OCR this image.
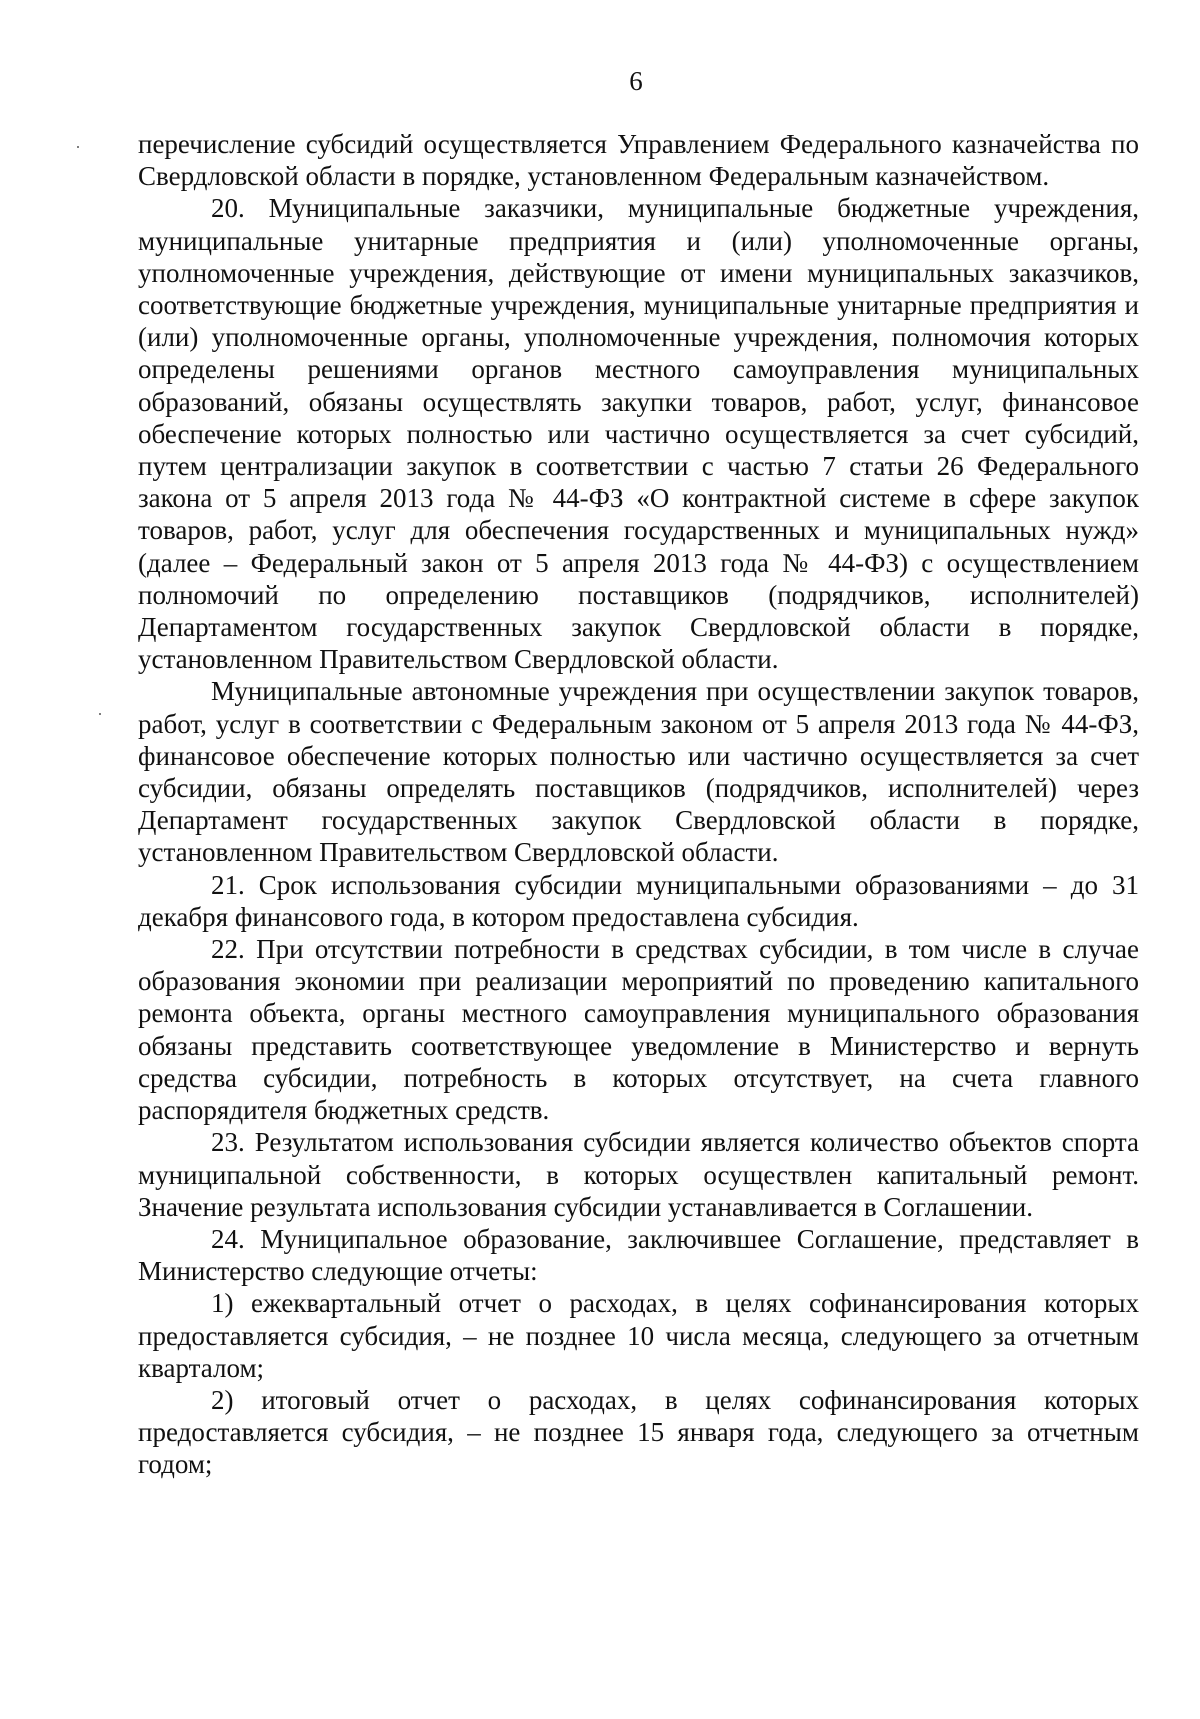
6

перечисление субсидий осуществляется Управлением Федерального казначейства по Свердловской области в порядке, установленном Федеральным казначейством.

20. Муниципальные заказчики, муниципальные бюджетные учреждения, муниципальные унитарные предприятия и (или) уполномоченные органы, уполномоченные учреждения, действующие от имени муниципальных заказчиков, соответствующие бюджетные учреждения, муниципальные унитарные предприятия и (или) уполномоченные органы, уполномоченные учреждения, полномочия которых определены решениями органов местного самоуправления муниципальных образований, обязаны осуществлять закупки товаров, работ, услуг, финансовое обеспечение которых полностью или частично осуществляется за счет субсидий, путем централизации закупок в соответствии с частью 7 статьи 26 Федерального закона от 5 апреля 2013 года № 44-ФЗ «О контрактной системе в сфере закупок товаров, работ, услуг для обеспечения государственных и муниципальных нужд» (далее – Федеральный закон от 5 апреля 2013 года № 44-ФЗ) с осуществлением полномочий по определению поставщиков (подрядчиков, исполнителей) Департаментом государственных закупок Свердловской области в порядке, установленном Правительством Свердловской области.

Муниципальные автономные учреждения при осуществлении закупок товаров, работ, услуг в соответствии с Федеральным законом от 5 апреля 2013 года № 44-ФЗ, финансовое обеспечение которых полностью или частично осуществляется за счет субсидии, обязаны определять поставщиков (подрядчиков, исполнителей) через Департамент государственных закупок Свердловской области в порядке, установленном Правительством Свердловской области.

21. Срок использования субсидии муниципальными образованиями – до 31 декабря финансового года, в котором предоставлена субсидия.

22. При отсутствии потребности в средствах субсидии, в том числе в случае образования экономии при реализации мероприятий по проведению капитального ремонта объекта, органы местного самоуправления муниципального образования обязаны представить соответствующее уведомление в Министерство и вернуть средства субсидии, потребность в которых отсутствует, на счета главного распорядителя бюджетных средств.

23. Результатом использования субсидии является количество объектов спорта муниципальной собственности, в которых осуществлен капитальный ремонт. Значение результата использования субсидии устанавливается в Соглашении.

24. Муниципальное образование, заключившее Соглашение, представляет в Министерство следующие отчеты:

1) ежеквартальный отчет о расходах, в целях софинансирования которых предоставляется субсидия, – не позднее 10 числа месяца, следующего за отчетным кварталом;

2) итоговый отчет о расходах, в целях софинансирования которых предоставляется субсидия, – не позднее 15 января года, следующего за отчетным годом;
